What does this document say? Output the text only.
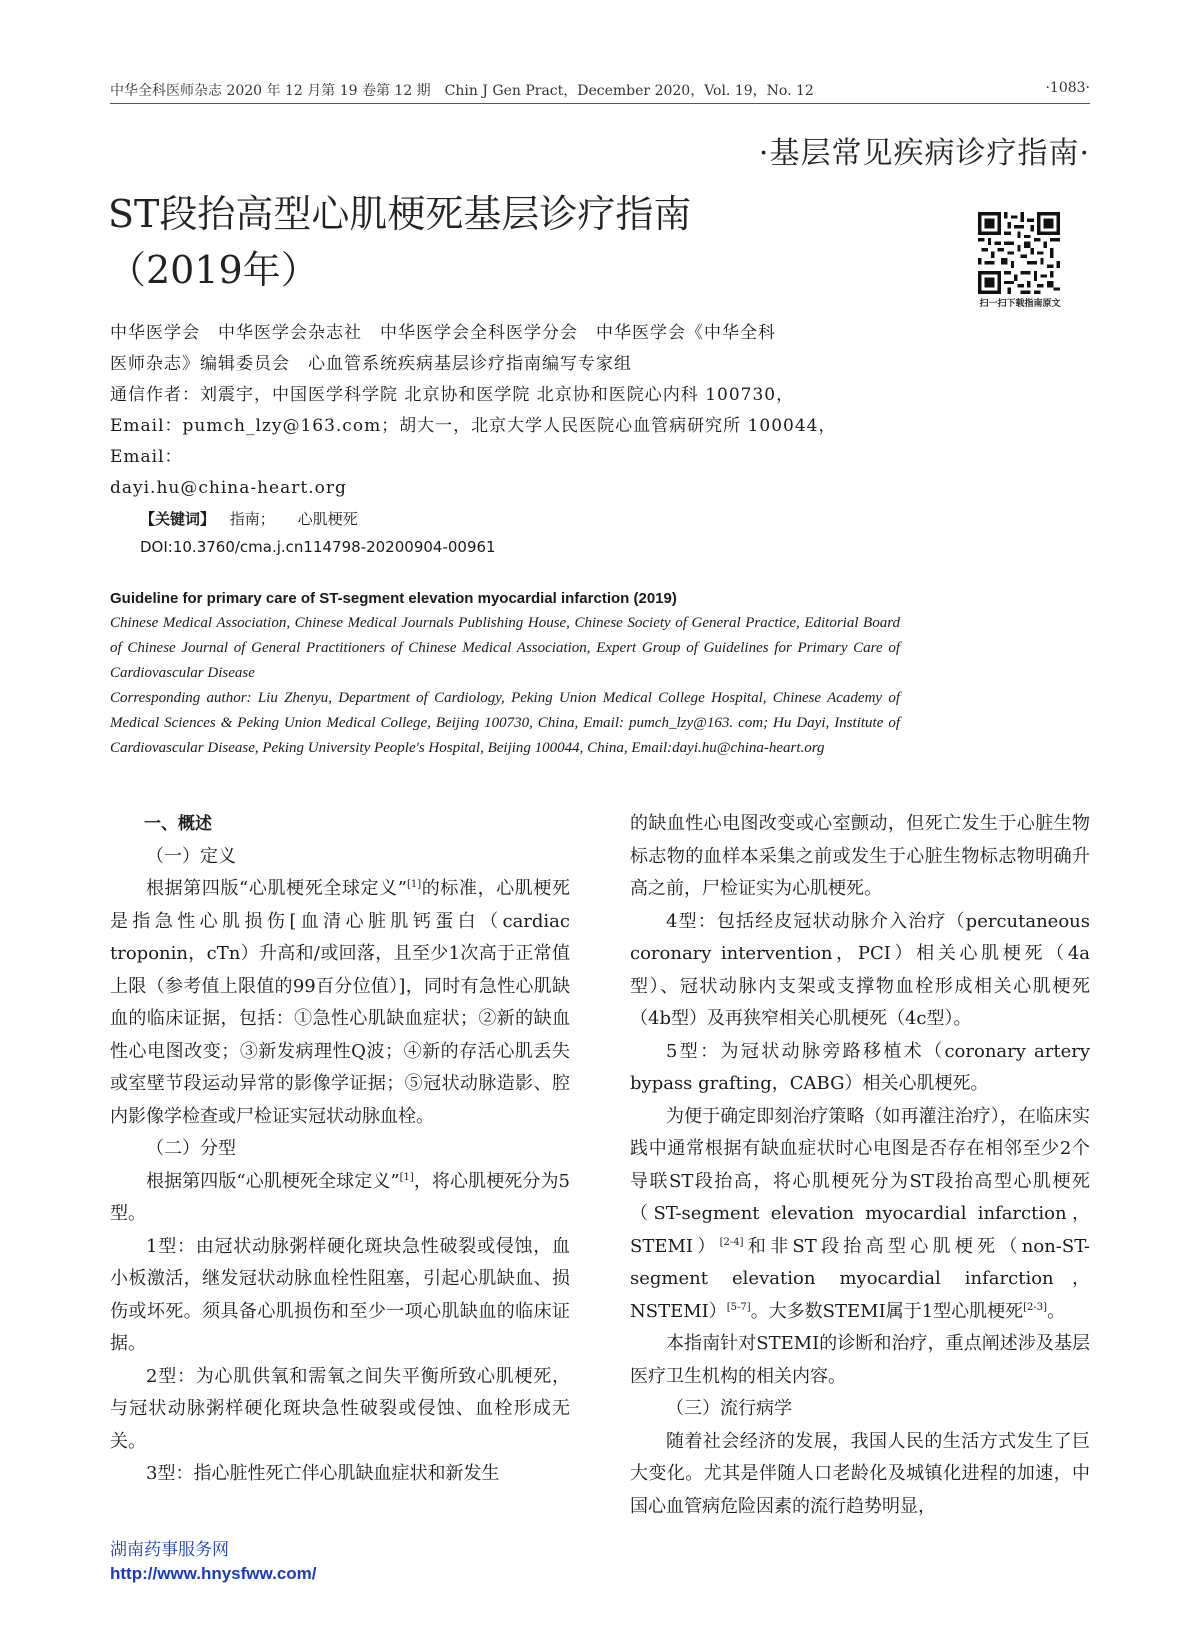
中华全科医师杂志 2020 年 12 月第 19 卷第 12 期　Chin J Gen Pract，December 2020，Vol. 19，No. 12	·1083·
·基层常见疾病诊疗指南·
ST段抬高型心肌梗死基层诊疗指南
（2019年）
扫一扫下载指南原文
中华医学会　中华医学会杂志社　中华医学会全科医学分会　中华医学会《中华全科
医师杂志》编辑委员会　心血管系统疾病基层诊疗指南编写专家组
通信作者：刘震宇，中国医学科学院 北京协和医学院 北京协和医院心内科 100730，
Email：pumch_lzy@163.com；胡大一，北京大学人民医院心血管病研究所 100044，Email：
dayi.hu@china-heart.org
【关键词】 指南； 心肌梗死
DOI:10.3760/cma.j.cn114798-20200904-00961
Guideline for primary care of ST-segment elevation myocardial infarction (2019)
Chinese Medical Association, Chinese Medical Journals Publishing House, Chinese Society of General Practice, Editorial Board of Chinese Journal of General Practitioners of Chinese Medical Association, Expert Group of Guidelines for Primary Care of Cardiovascular Disease
Corresponding author: Liu Zhenyu, Department of Cardiology, Peking Union Medical College Hospital, Chinese Academy of Medical Sciences & Peking Union Medical College, Beijing 100730, China, Email: pumch_lzy@163. com; Hu Dayi, Institute of Cardiovascular Disease, Peking University People's Hospital, Beijing 100044, China, Email:dayi.hu@china-heart.org

一、概述

（一）定义

根据第四版“心肌梗死全球定义”[1]的标准，心肌梗死是指急性心肌损伤[血清心脏肌钙蛋白（cardiac troponin，cTn）升高和/或回落，且至少1次高于正常值上限（参考值上限值的99百分位值）]，同时有急性心肌缺血的临床证据，包括：①急性心肌缺血症状；②新的缺血性心电图改变；③新发病理性Q波；④新的存活心肌丢失或室壁节段运动异常的影像学证据；⑤冠状动脉造影、腔内影像学检查或尸检证实冠状动脉血栓。

（二）分型

根据第四版“心肌梗死全球定义”[1]，将心肌梗死分为5型。

1型：由冠状动脉粥样硬化斑块急性破裂或侵蚀，血小板激活，继发冠状动脉血栓性阻塞，引起心肌缺血、损伤或坏死。须具备心肌损伤和至少一项心肌缺血的临床证据。

2型：为心肌供氧和需氧之间失平衡所致心肌梗死，与冠状动脉粥样硬化斑块急性破裂或侵蚀、血栓形成无关。

3型：指心脏性死亡伴心肌缺血症状和新发生

的缺血性心电图改变或心室颤动，但死亡发生于心脏生物标志物的血样本采集之前或发生于心脏生物标志物明确升高之前，尸检证实为心肌梗死。

4型：包括经皮冠状动脉介入治疗（percutaneous coronary intervention，PCI）相关心肌梗死（4a型）、冠状动脉内支架或支撑物血栓形成相关心肌梗死（4b型）及再狭窄相关心肌梗死（4c型）。

5型：为冠状动脉旁路移植术（coronary artery bypass grafting，CABG）相关心肌梗死。

为便于确定即刻治疗策略（如再灌注治疗），在临床实践中通常根据有缺血症状时心电图是否存在相邻至少2个导联ST段抬高，将心肌梗死分为ST段抬高型心肌梗死（ST-segment elevation myocardial infarction，STEMI）[2-4]和非ST段抬高型心肌梗死（non-ST-segment elevation myocardial infarction，NSTEMI）[5-7]。大多数STEMI属于1型心肌梗死[2-3]。

本指南针对STEMI的诊断和治疗，重点阐述涉及基层医疗卫生机构的相关内容。

（三）流行病学

随着社会经济的发展，我国人民的生活方式发生了巨大变化。尤其是伴随人口老龄化及城镇化进程的加速，中国心血管病危险因素的流行趋势明显，

湖南药事服务网
http://www.hnysfww.com/
